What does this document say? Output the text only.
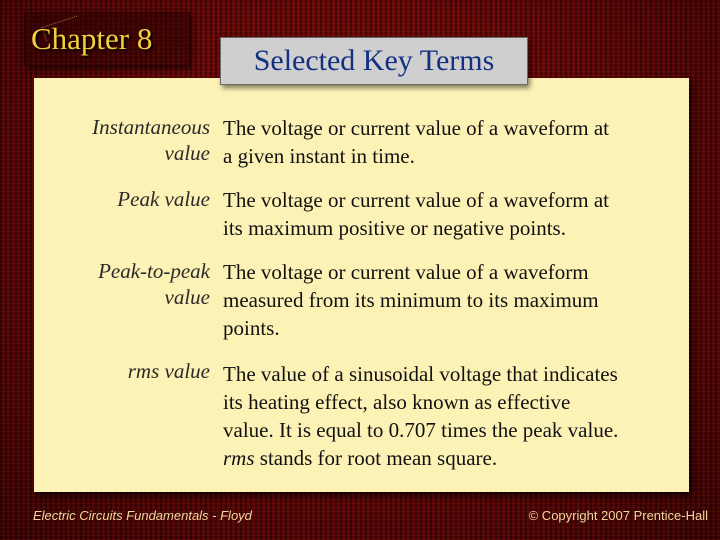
Chapter 8
Selected Key Terms
Instantaneous
value
The voltage or current value of a waveform at
a given instant in time.
Peak value The voltage or current value of a waveform at
its maximum positive or negative points.
Peak-to-peak
value
The voltage or current value of a waveform
measured from its minimum to its maximum
points.
rms value The value of a sinusoidal voltage that indicates
its heating effect, also known as effective
value. It is equal to 0.707 times the peak value.
rms stands for root mean square.
Electric Circuits Fundamentals - Floyd	© Copyright 2007 Prentice-Hall
